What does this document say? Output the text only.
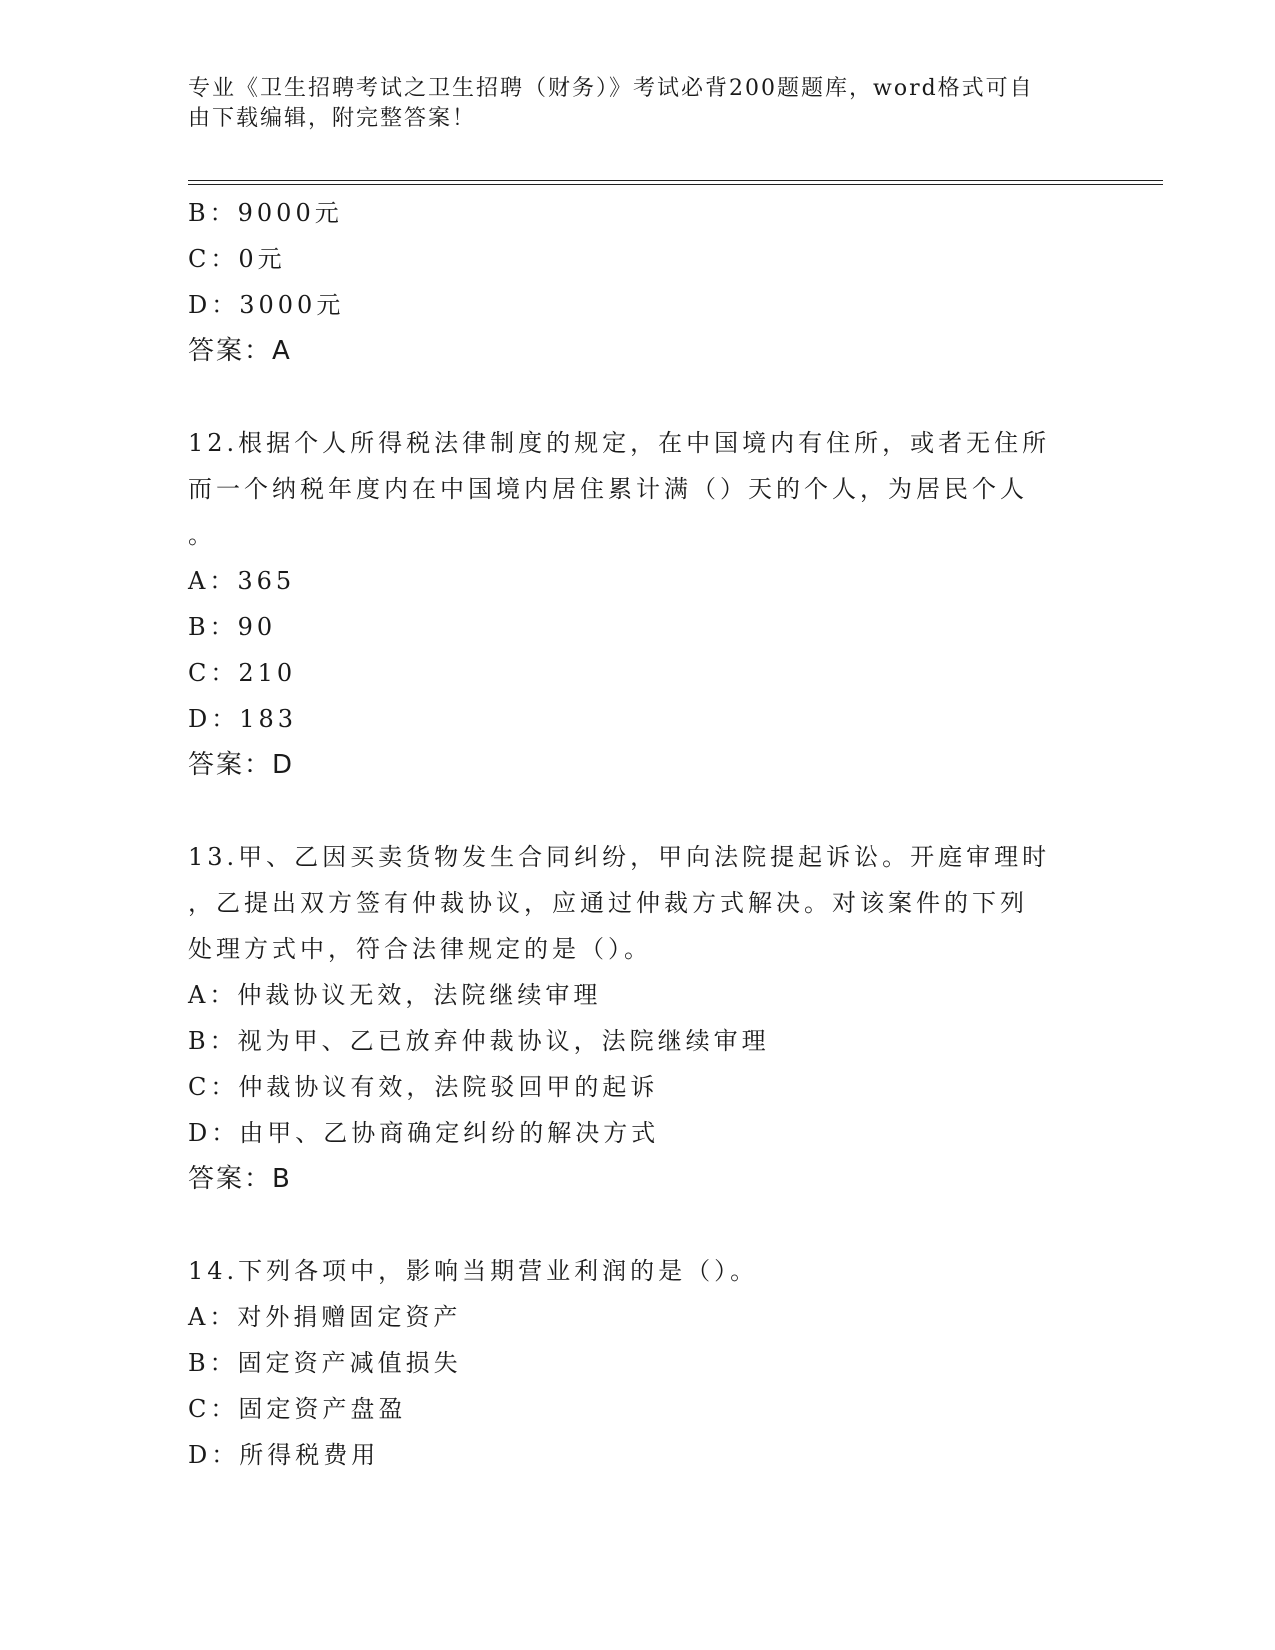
专业《卫生招聘考试之卫生招聘（财务）》考试必背200题题库，word格式可自
由下载编辑，附完整答案！
B：9000元
C：0元
D：3000元
答案：A
12.根据个人所得税法律制度的规定，在中国境内有住所，或者无住所
而一个纳税年度内在中国境内居住累计满（）天的个人，为居民个人
。
A：365
B：90
C：210
D：183
答案：D
13.甲、乙因买卖货物发生合同纠纷，甲向法院提起诉讼。开庭审理时
，乙提出双方签有仲裁协议，应通过仲裁方式解决。对该案件的下列
处理方式中，符合法律规定的是（）。
A：仲裁协议无效，法院继续审理
B：视为甲、乙已放弃仲裁协议，法院继续审理
C：仲裁协议有效，法院驳回甲的起诉
D：由甲、乙协商确定纠纷的解决方式
答案：B
14.下列各项中，影响当期营业利润的是（）。
A：对外捐赠固定资产
B：固定资产减值损失
C：固定资产盘盈
D：所得税费用
